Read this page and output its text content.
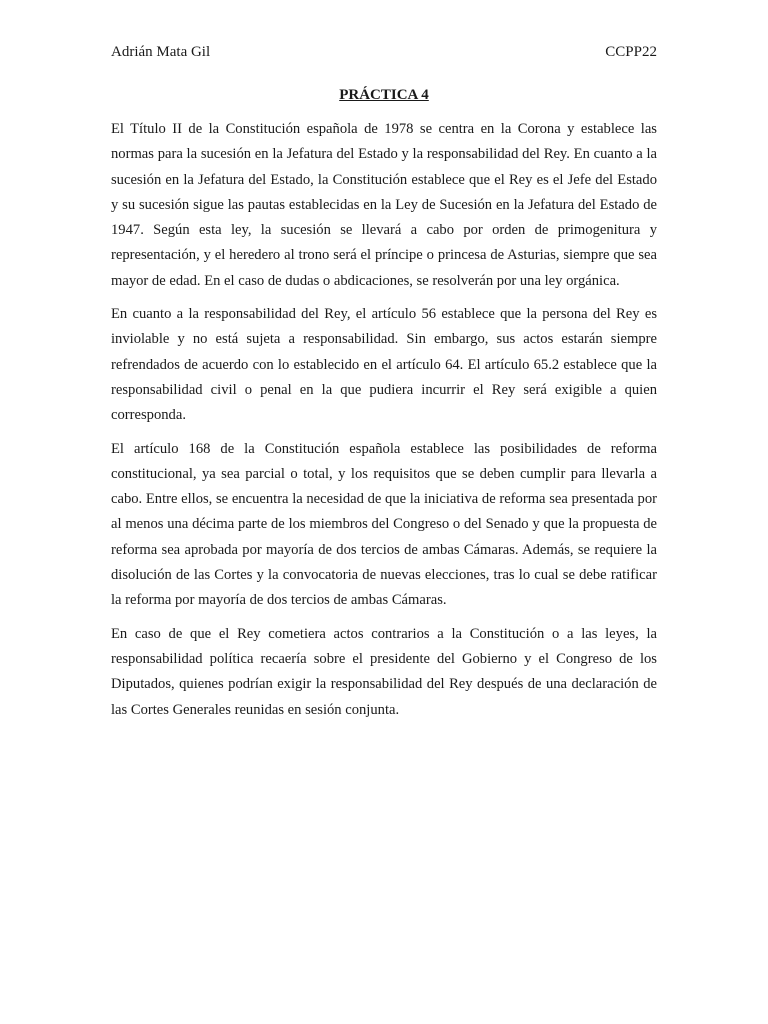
Adrián Mata Gil	CCPP22
PRÁCTICA 4

El Título II de la Constitución española de 1978 se centra en la Corona y establece las normas para la sucesión en la Jefatura del Estado y la responsabilidad del Rey. En cuanto a la sucesión en la Jefatura del Estado, la Constitución establece que el Rey es el Jefe del Estado y su sucesión sigue las pautas establecidas en la Ley de Sucesión en la Jefatura del Estado de 1947. Según esta ley, la sucesión se llevará a cabo por orden de primogenitura y representación, y el heredero al trono será el príncipe o princesa de Asturias, siempre que sea mayor de edad. En el caso de dudas o abdicaciones, se resolverán por una ley orgánica.

En cuanto a la responsabilidad del Rey, el artículo 56 establece que la persona del Rey es inviolable y no está sujeta a responsabilidad. Sin embargo, sus actos estarán siempre refrendados de acuerdo con lo establecido en el artículo 64. El artículo 65.2 establece que la responsabilidad civil o penal en la que pudiera incurrir el Rey será exigible a quien corresponda.

El artículo 168 de la Constitución española establece las posibilidades de reforma constitucional, ya sea parcial o total, y los requisitos que se deben cumplir para llevarla a cabo. Entre ellos, se encuentra la necesidad de que la iniciativa de reforma sea presentada por al menos una décima parte de los miembros del Congreso o del Senado y que la propuesta de reforma sea aprobada por mayoría de dos tercios de ambas Cámaras. Además, se requiere la disolución de las Cortes y la convocatoria de nuevas elecciones, tras lo cual se debe ratificar la reforma por mayoría de dos tercios de ambas Cámaras.

En caso de que el Rey cometiera actos contrarios a la Constitución o a las leyes, la responsabilidad política recaería sobre el presidente del Gobierno y el Congreso de los Diputados, quienes podrían exigir la responsabilidad del Rey después de una declaración de las Cortes Generales reunidas en sesión conjunta.
